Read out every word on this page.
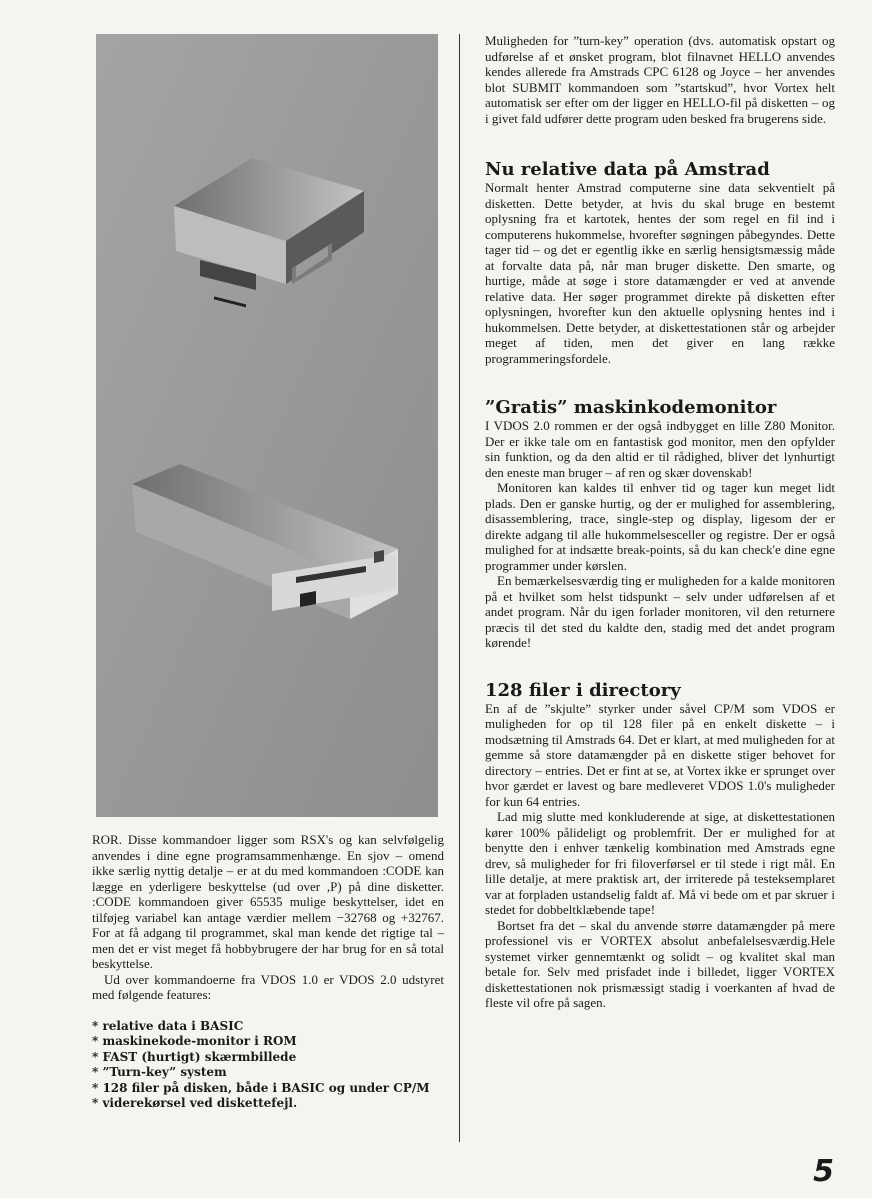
ROR. Disse kommandoer ligger som RSX's og kan selvfølgelig anvendes i dine egne programsammenhænge. En sjov – omend ikke særlig nyttig detalje – er at du med kommandoen :CODE kan lægge en yderligere beskyttelse (ud over ,P) på dine disketter. :CODE kommandoen giver 65535 mulige beskyttelser, idet en tilføjeg variabel kan antage værdier mellem −32768 og +32767. For at få adgang til programmet, skal man kende det rigtige tal – men det er vist meget få hobbybrugere der har brug for en så total beskyttelse.

Ud over kommandoerne fra VDOS 1.0 er VDOS 2.0 udstyret med følgende features:

* relative data i BASIC
* maskinekode-monitor i ROM
* FAST (hurtigt) skærmbillede
* ”Turn-key” system
* 128 filer på disken, både i BASIC og under CP/M
* viderekørsel ved diskettefejl.

Muligheden for ”turn-key” operation (dvs. automatisk opstart og udførelse af et ønsket program, blot filnavnet HELLO anvendes kendes allerede fra Amstrads CPC 6128 og Joyce – her anvendes blot SUBMIT kommandoen som ”startskud”, hvor Vortex helt automatisk ser efter om der ligger en HELLO-fil på disketten – og i givet fald udfører dette program uden besked fra brugerens side.

Nu relative data på Amstrad

Normalt henter Amstrad computerne sine data sekventielt på disketten. Dette betyder, at hvis du skal bruge en bestemt oplysning fra et kartotek, hentes der som regel en fil ind i computerens hukommelse, hvorefter søgningen påbegyndes. Dette tager tid – og det er egentlig ikke en særlig hensigtsmæssig måde at forvalte data på, når man bruger diskette. Den smarte, og hurtige, måde at søge i store datamængder er ved at anvende relative data. Her søger programmet direkte på disketten efter oplysningen, hvorefter kun den aktuelle oplysning hentes ind i hukommelsen. Dette betyder, at diskettestationen står og arbejder meget af tiden, men det giver en lang række programmeringsfordele.

”Gratis” maskinkodemonitor

I VDOS 2.0 rommen er der også indbygget en lille Z80 Monitor. Der er ikke tale om en fantastisk god monitor, men den opfylder sin funktion, og da den altid er til rådighed, bliver det lynhurtigt den eneste man bruger – af ren og skær dovenskab!

Monitoren kan kaldes til enhver tid og tager kun meget lidt plads. Den er ganske hurtig, og der er mulighed for assemblering, disassemblering, trace, single-step og display, ligesom der er direkte adgang til alle hukommelsesceller og registre. Der er også mulighed for at indsætte break-points, så du kan check'e dine egne programmer under kørslen.

En bemærkelsesværdig ting er muligheden for a kalde monitoren på et hvilket som helst tidspunkt – selv under udførelsen af et andet program. Når du igen forlader monitoren, vil den returnere præcis til det sted du kaldte den, stadig med det andet program kørende!

128 filer i directory

En af de ”skjulte” styrker under såvel CP/M som VDOS er muligheden for op til 128 filer på en enkelt diskette – i modsætning til Amstrads 64. Det er klart, at med muligheden for at gemme så store datamængder på en diskette stiger behovet for directory – entries. Det er fint at se, at Vortex ikke er sprunget over hvor gærdet er lavest og bare medleveret VDOS 1.0's muligheder for kun 64 entries.

Lad mig slutte med konkluderende at sige, at diskettestationen kører 100% pålideligt og problemfrit. Der er mulighed for at benytte den i enhver tænkelig kombination med Amstrads egne drev, så muligheder for fri filoverførsel er til stede i rigt mål. En lille detalje, at mere praktisk art, der irriterede på testeksemplaret var at forpladen ustandselig faldt af. Må vi bede om et par skruer i stedet for dobbeltklæbende tape!

Bortset fra det – skal du anvende større datamængder på mere professionel vis er VORTEX absolut anbefalelsesværdig.Hele systemet virker gennemtænkt og solidt – og kvalitet skal man betale for. Selv med prisfadet inde i billedet, ligger VORTEX diskettestationen nok prismæssigt stadig i voerkanten af hvad de fleste vil ofre på sagen.

5
